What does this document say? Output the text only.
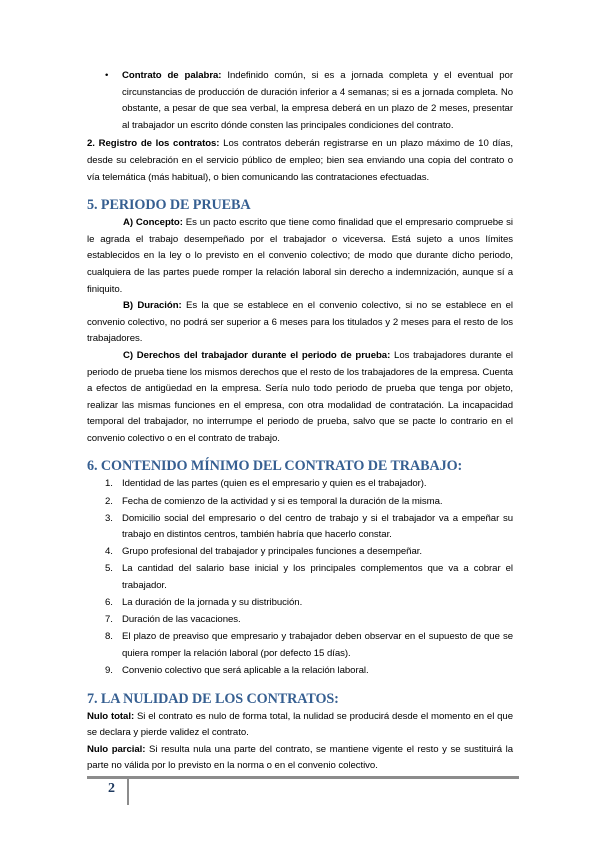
• Contrato de palabra: Indefinido común, si es a jornada completa y el eventual por circunstancias de producción de duración inferior a 4 semanas; si es a jornada completa. No obstante, a pesar de que sea verbal, la empresa deberá en un plazo de 2 meses, presentar al trabajador un escrito dónde consten las principales condiciones del contrato.

2. Registro de los contratos: Los contratos deberán registrarse en un plazo máximo de 10 días, desde su celebración en el servicio público de empleo; bien sea enviando una copia del contrato o vía telemática (más habitual), o bien comunicando las contrataciones efectuadas.

5. PERIODO DE PRUEBA

A) Concepto: Es un pacto escrito que tiene como finalidad que el empresario compruebe si le agrada el trabajo desempeñado por el trabajador o viceversa. Está sujeto a unos límites establecidos en la ley o lo previsto en el convenio colectivo; de modo que durante dicho periodo, cualquiera de las partes puede romper la relación laboral sin derecho a indemnización, aunque sí a finiquito.

B) Duración: Es la que se establece en el convenio colectivo, si no se establece en el convenio colectivo, no podrá ser superior a 6 meses para los titulados y 2 meses para el resto de los trabajadores.

C) Derechos del trabajador durante el periodo de prueba: Los trabajadores durante el periodo de prueba tiene los mismos derechos que el resto de los trabajadores de la empresa. Cuenta a efectos de antigüedad en la empresa. Sería nulo todo periodo de prueba que tenga por objeto, realizar las mismas funciones en el empresa, con otra modalidad de contratación. La incapacidad temporal del trabajador, no interrumpe el periodo de prueba, salvo que se pacte lo contrario en el convenio colectivo o en el contrato de trabajo.

6. CONTENIDO MÍNIMO DEL CONTRATO DE TRABAJO:
1. Identidad de las partes (quien es el empresario y quien es el trabajador).
2. Fecha de comienzo de la actividad y si es temporal la duración de la misma.
3. Domicilio social del empresario o del centro de trabajo y si el trabajador va a empeñar su trabajo en distintos centros, también habría que hacerlo constar.
4. Grupo profesional del trabajador y principales funciones a desempeñar.
5. La cantidad del salario base inicial y los principales complementos que va a cobrar el trabajador.
6. La duración de la jornada y su distribución.
7. Duración de las vacaciones.
8. El plazo de preaviso que empresario y trabajador deben observar en el supuesto de que se quiera romper la relación laboral (por defecto 15 días).
9. Convenio colectivo que será aplicable a la relación laboral.
7. LA NULIDAD DE LOS CONTRATOS:

Nulo total: Si el contrato es nulo de forma total, la nulidad se producirá desde el momento en el que se declara y pierde validez el contrato.

Nulo parcial: Si resulta nula una parte del contrato, se mantiene vigente el resto y se sustituirá la parte no válida por lo previsto en la norma o en el convenio colectivo.

2
